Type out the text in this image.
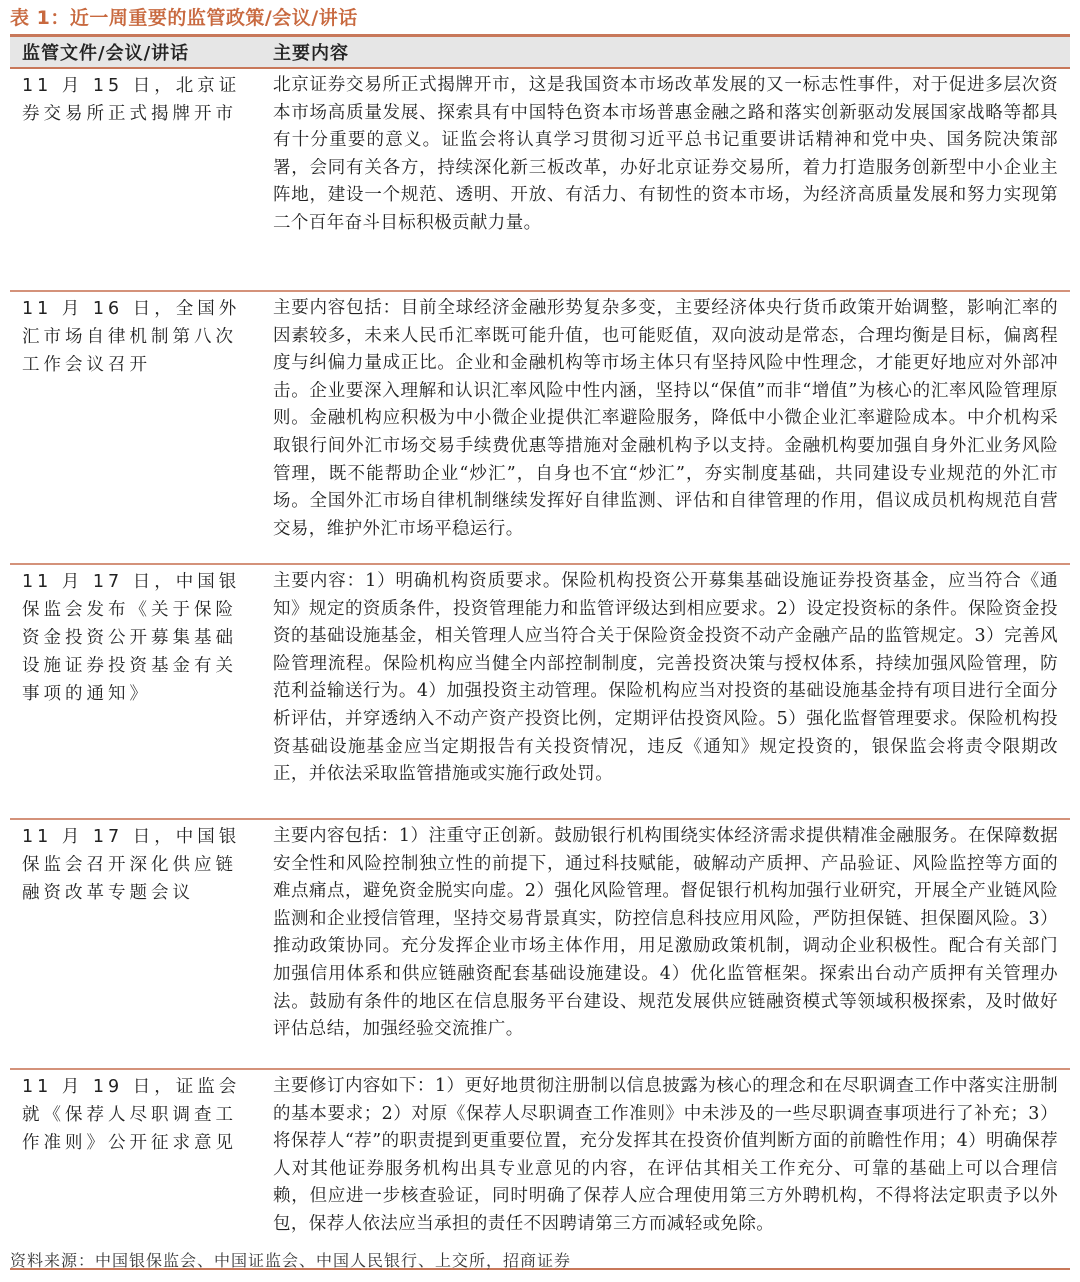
表 1：近一周重要的监管政策/会议/讲话
监管文件/会议/讲话	主要内容
11 月 15 日，北京证券交易所正式揭牌开市
北京证券交易所正式揭牌开市，这是我国资本市场改革发展的又一标志性事件，对于促进多层次资本市场高质量发展、探索具有中国特色资本市场普惠金融之路和落实创新驱动发展国家战略等都具有十分重要的意义。证监会将认真学习贯彻习近平总书记重要讲话精神和党中央、国务院决策部署，会同有关各方，持续深化新三板改革，办好北京证券交易所，着力打造服务创新型中小企业主阵地，建设一个规范、透明、开放、有活力、有韧性的资本市场，为经济高质量发展和努力实现第二个百年奋斗目标积极贡献力量。
11 月 16 日，全国外汇市场自律机制第八次工作会议召开
主要内容包括：目前全球经济金融形势复杂多变，主要经济体央行货币政策开始调整，影响汇率的因素较多，未来人民币汇率既可能升值，也可能贬值，双向波动是常态，合理均衡是目标，偏离程度与纠偏力量成正比。企业和金融机构等市场主体只有坚持风险中性理念，才能更好地应对外部冲击。企业要深入理解和认识汇率风险中性内涵，坚持以“保值”而非“增值”为核心的汇率风险管理原则。金融机构应积极为中小微企业提供汇率避险服务，降低中小微企业汇率避险成本。中介机构采取银行间外汇市场交易手续费优惠等措施对金融机构予以支持。金融机构要加强自身外汇业务风险管理，既不能帮助企业“炒汇”，自身也不宜“炒汇”，夯实制度基础，共同建设专业规范的外汇市场。全国外汇市场自律机制继续发挥好自律监测、评估和自律管理的作用，倡议成员机构规范自营交易，维护外汇市场平稳运行。
11 月 17 日，中国银保监会发布《关于保险资金投资公开募集基础设施证券投资基金有关事项的通知》
主要内容：1）明确机构资质要求。保险机构投资公开募集基础设施证券投资基金，应当符合《通知》规定的资质条件，投资管理能力和监管评级达到相应要求。2）设定投资标的条件。保险资金投资的基础设施基金，相关管理人应当符合关于保险资金投资不动产金融产品的监管规定。3）完善风险管理流程。保险机构应当健全内部控制制度，完善投资决策与授权体系，持续加强风险管理，防范利益输送行为。4）加强投资主动管理。保险机构应当对投资的基础设施基金持有项目进行全面分析评估，并穿透纳入不动产资产投资比例，定期评估投资风险。5）强化监督管理要求。保险机构投资基础设施基金应当定期报告有关投资情况，违反《通知》规定投资的，银保监会将责令限期改正，并依法采取监管措施或实施行政处罚。
11 月 17 日，中国银保监会召开深化供应链融资改革专题会议
主要内容包括：1）注重守正创新。鼓励银行机构围绕实体经济需求提供精准金融服务。在保障数据安全性和风险控制独立性的前提下，通过科技赋能，破解动产质押、产品验证、风险监控等方面的难点痛点，避免资金脱实向虚。2）强化风险管理。督促银行机构加强行业研究，开展全产业链风险监测和企业授信管理，坚持交易背景真实，防控信息科技应用风险，严防担保链、担保圈风险。3）推动政策协同。充分发挥企业市场主体作用，用足激励政策机制，调动企业积极性。配合有关部门加强信用体系和供应链融资配套基础设施建设。4）优化监管框架。探索出台动产质押有关管理办法。鼓励有条件的地区在信息服务平台建设、规范发展供应链融资模式等领域积极探索，及时做好评估总结，加强经验交流推广。
11 月 19 日，证监会就《保荐人尽职调查工作准则》公开征求意见
主要修订内容如下：1）更好地贯彻注册制以信息披露为核心的理念和在尽职调查工作中落实注册制的基本要求；2）对原《保荐人尽职调查工作准则》中未涉及的一些尽职调查事项进行了补充；3）将保荐人“荐”的职责提到更重要位置，充分发挥其在投资价值判断方面的前瞻性作用；4）明确保荐人对其他证券服务机构出具专业意见的内容，在评估其相关工作充分、可靠的基础上可以合理信赖，但应进一步核查验证，同时明确了保荐人应合理使用第三方外聘机构，不得将法定职责予以外包，保荐人依法应当承担的责任不因聘请第三方而减轻或免除。
资料来源：中国银保监会、中国证监会、中国人民银行、上交所，招商证券
